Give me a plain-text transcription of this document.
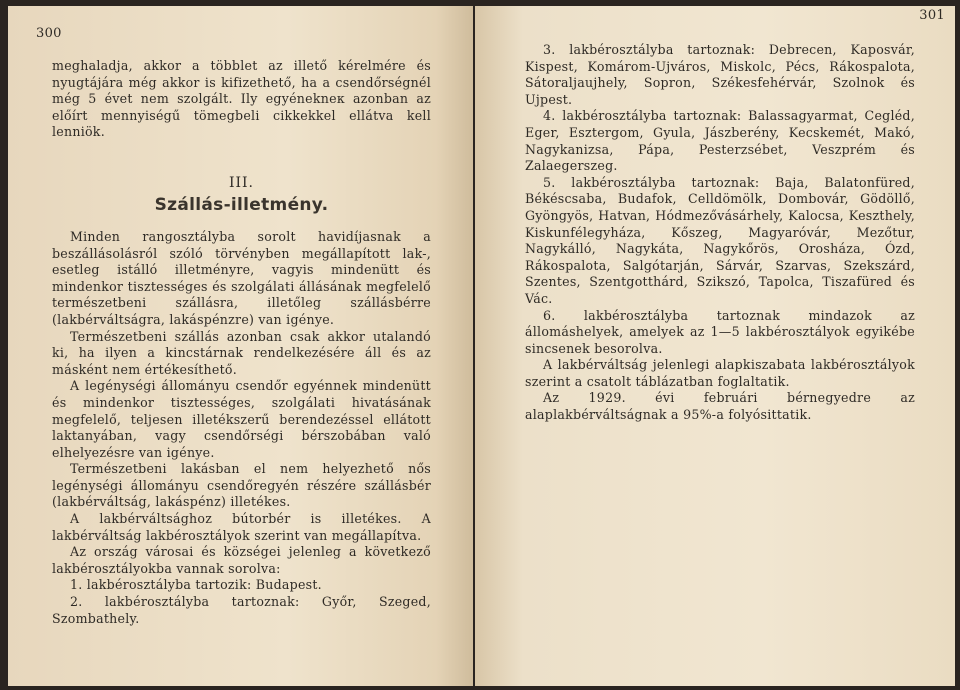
300

meghaladja, akkor a többlet az illető kérelmére és nyugtájára még akkor is kifizethető, ha a csendőrségnél még 5 évet nem szolgált. Ily egyénekneк azonban az előírt mennyiségű tömegbeli cikkekkel ellátva kell lenniök.

III.
Szállás-illetmény.

Minden rangosztályba sorolt havidíjasnak a beszállásolásról szóló törvényben megállapított lak-, esetleg istálló illetményre, vagyis mindenütt és mindenkor tisztességes és szolgálati állásának megfelelő természetbeni szállásra, illetőleg szállásbérre (lakbérváltságra, lakáspénzre) van igénye.

Természetbeni szállás azonban csak akkor utalandó ki, ha ilyen a kincstárnak rendelkezésére áll és az másként nem értékesíthető.

A legénységi állományu csendőr egyénnek mindenütt és mindenkor tisztességes, szolgálati hivatásának megfelelő, teljesen illetékszerű berendezéssel ellátott laktanyában, vagy csendőrségi bérszobában való elhelyezésre van igénye.

Természetbeni lakásban el nem helyezhető nős legénységi állományu csendőregyén részére szállásbér (lakbérváltság, lakáspénz) illetékes.

A lakbérváltsághoz bútorbér is illetékes. A lakbérváltság lakbérosztályok szerint van megállapítva.

Az ország városai és községei jelenleg a következő lakbérosztályokba vannak sorolva:

1. lakbérosztályba tartozik: Budapest.

2. lakbérosztályba tartoznak: Győr, Szeged, Szombathely.

301

3. lakbérosztályba tartoznak: Debrecen, Kaposvár, Kispest, Komárom-Ujváros, Miskolc, Pécs, Rákospalota, Sátoraljaujhely, Sopron, Székesfehérvár, Szolnok és Ujpest.

4. lakbérosztályba tartoznak: Balassagyarmat, Cegléd, Eger, Esztergom, Gyula, Jászberény, Kecskemét, Makó, Nagykanizsa, Pápa, Pesterzsébet, Veszprém és Zalaegerszeg.

5. lakbérosztályba tartoznak: Baja, Balatonfüred, Békéscsaba, Budafok, Celldömölk, Dombovár, Gödöllő, Gyöngyös, Hatvan, Hódmezővásárhely, Kalocsa, Keszthely, Kiskunfélegyháza, Kőszeg, Magyaróvár, Mezőtur, Nagykálló, Nagykáta, Nagykőrös, Orosháza, Ózd, Rákospalota, Salgótarján, Sárvár, Szarvas, Szekszárd, Szentes, Szentgotthárd, Szikszó, Tapolca, Tiszafüred és Vác.

6. lakbérosztályba tartoznak mindazok az állomáshelyek, amelyek az 1—5 lakbérosztályok egyikébe sincsenek besorolva.

A lakbérváltság jelenlegi alapkiszabata lakbérosztályok szerint a csatolt táblázatban foglaltatik.

Az 1929. évi februári bérnegyedre az alaplakbérváltságnak a 95%-a folyósittatik.
